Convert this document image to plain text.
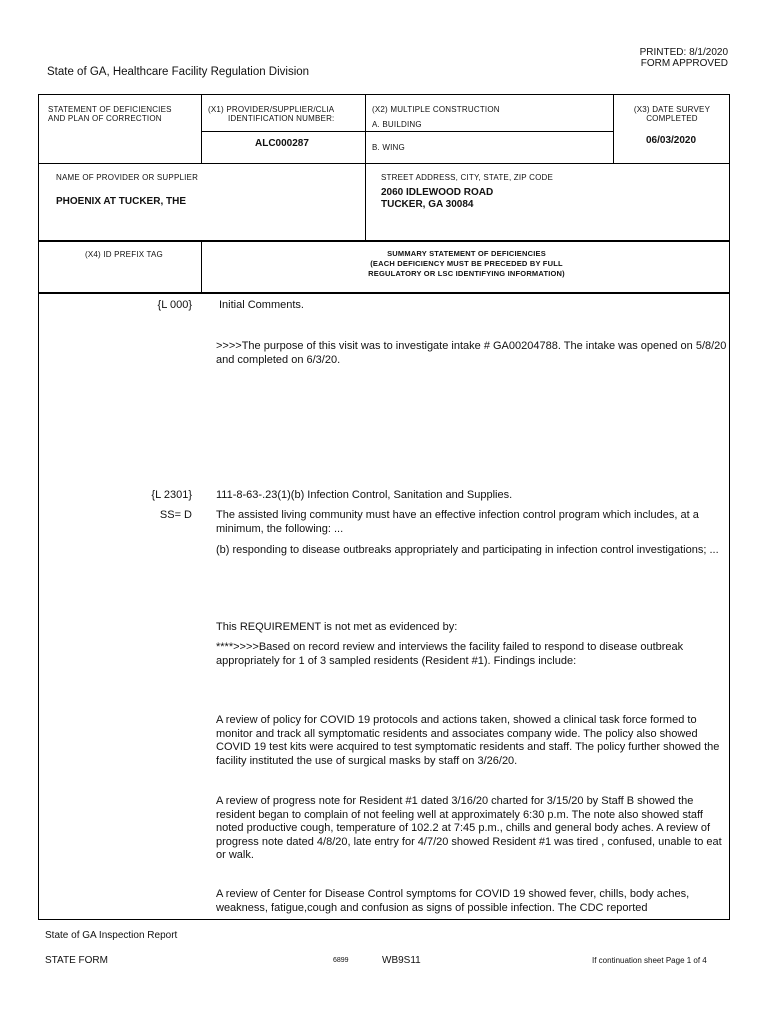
PRINTED: 8/1/2020
FORM APPROVED
State of GA, Healthcare Facility Regulation Division
STATEMENT OF DEFICIENCIES
AND PLAN OF CORRECTION
(X1) PROVIDER/SUPPLIER/CLIA
IDENTIFICATION NUMBER:
ALC000287
(X2) MULTIPLE CONSTRUCTION
A. BUILDING
B. WING
(X3) DATE SURVEY
COMPLETED
06/03/2020
NAME OF PROVIDER OR SUPPLIER
PHOENIX AT TUCKER, THE
STREET ADDRESS, CITY, STATE, ZIP CODE
2060 IDLEWOOD ROAD
TUCKER, GA 30084
(X4) ID PREFIX TAG	SUMMARY STATEMENT OF DEFICIENCIES
(EACH DEFICIENCY MUST BE PRECEDED BY FULL
REGULATORY OR LSC IDENTIFYING INFORMATION)
{L 000} Initial Comments.
>>>>The purpose of this visit was to investigate intake # GA00204788. The intake was opened on 5/8/20 and completed on 6/3/20.
{L 2301}
SS= D
111-8-63-.23(1)(b) Infection Control, Sanitation and Supplies.
The assisted living community must have an effective infection control program which includes, at a minimum, the following: ...
(b) responding to disease outbreaks appropriately and participating in infection control investigations; ...
This REQUIREMENT is not met as evidenced by:
****>>>>Based on record review and interviews the facility failed to respond to disease outbreak appropriately for 1 of 3 sampled residents (Resident #1). Findings include:
A review of policy for COVID 19 protocols and actions taken, showed a clinical task force formed to monitor and track all symptomatic residents and associates company wide. The policy also showed COVID 19 test kits were acquired to test symptomatic residents and staff. The policy further showed the facility instituted the use of surgical masks by staff on 3/26/20.
A review of progress note for Resident #1 dated 3/16/20 charted for 3/15/20 by Staff B showed the resident began to complain of not feeling well at approximately 6:30 p.m. The note also showed staff noted productive cough, temperature of 102.2 at 7:45 p.m., chills and general body aches. A review of progress note dated 4/8/20, late entry for 4/7/20 showed Resident #1 was tired , confused, unable to eat or walk.
A review of Center for Disease Control symptoms for COVID 19 showed fever, chills, body aches, weakness, fatigue,cough and confusion as signs of possible infection. The CDC reported
State of GA Inspection Report
STATE FORM	6899	WB9S11	If continuation sheet Page 1 of 4
